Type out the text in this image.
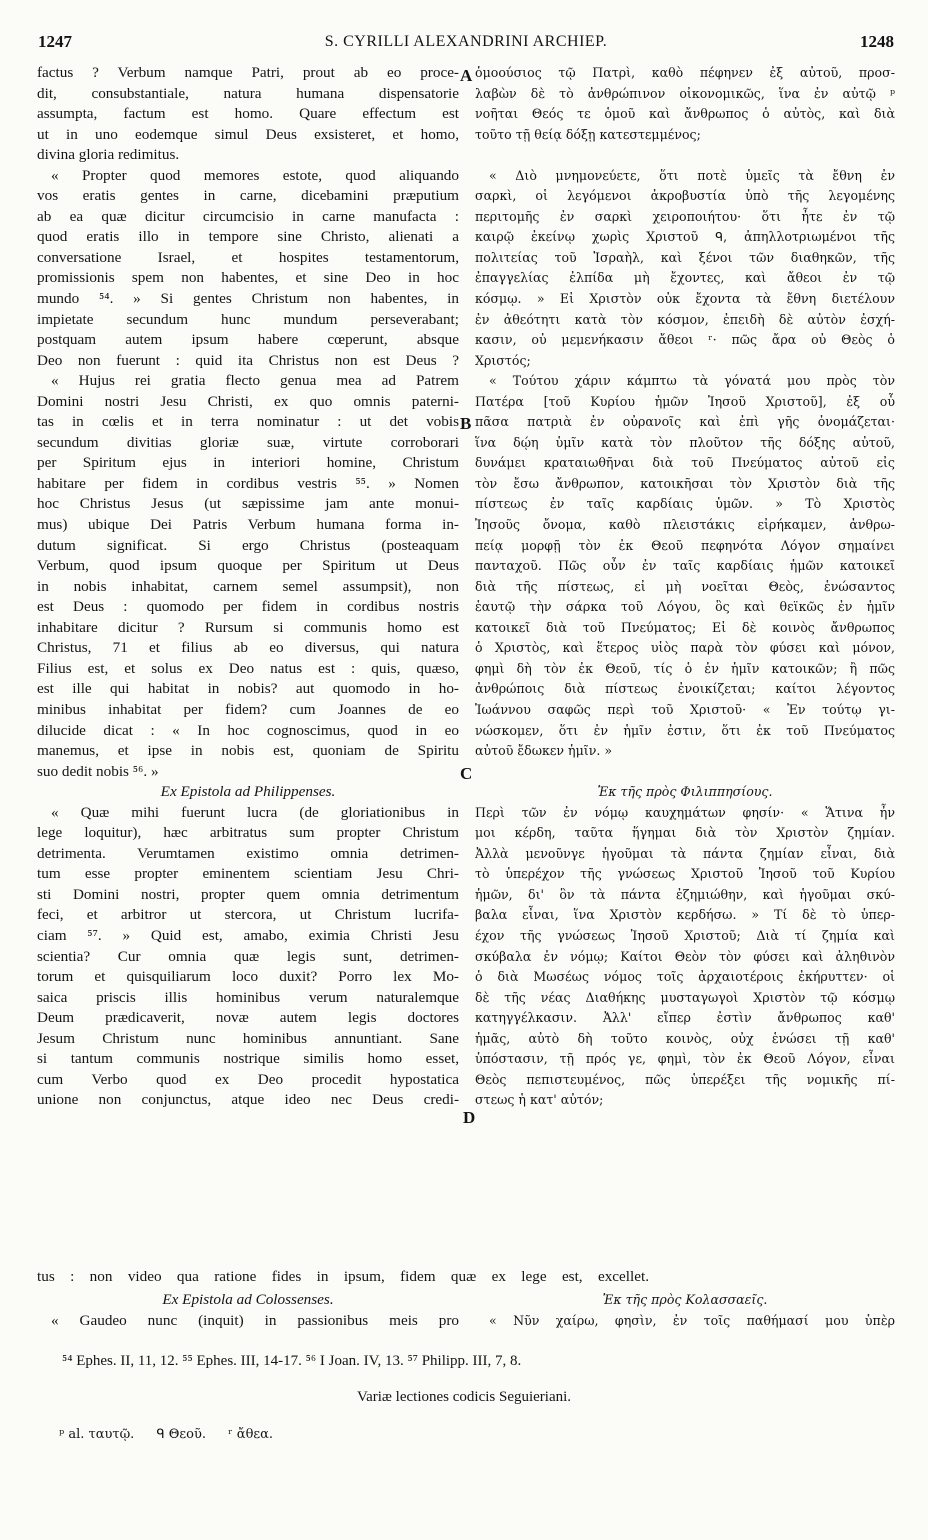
1247	S. CYRILLI ALEXANDRINI ARCHIEP.	1248
factus ? Verbum namque Patri, prout ab eo proce-
dit, consubstantiale, natura humana dispensatorie
assumpta, factum est homo. Quare effectum est
ut in uno eodemque simul Deus exsisteret, et homo,
divina gloria redimitus.
« Propter quod memores estote, quod aliquando
vos eratis gentes in carne, dicebamini præputium
ab ea quæ dicitur circumcisio in carne manufacta :
quod eratis illo in tempore sine Christo, alienati a
conversatione Israel, et hospites testamentorum,
promissionis spem non habentes, et sine Deo in hoc
mundo ⁵⁴. » Si gentes Christum non habentes, in
impietate secundum hunc mundum perseverabant;
postquam autem ipsum habere cœperunt, absque
Deo non fuerunt : quid ita Christus non est Deus ?
« Hujus rei gratia flecto genua mea ad Patrem
Domini nostri Jesu Christi, ex quo omnis paterni-
tas in cœlis et in terra nominatur : ut det vobis
secundum divitias gloriæ suæ, virtute corroborari
per Spiritum ejus in interiori homine, Christum
habitare per fidem in cordibus vestris ⁵⁵. » Nomen
hoc Christus Jesus (ut sæpissime jam ante monui-
mus) ubique Dei Patris Verbum humana forma in-
dutum significat. Si ergo Christus (posteaquam
Verbum, quod ipsum quoque per Spiritum ut Deus
in nobis inhabitat, carnem semel assumpsit), non
est Deus : quomodo per fidem in cordibus nostris
inhabitare dicitur ? Rursum si communis homo est
Christus, 71 et filius ab eo diversus, qui natura
Filius est, et solus ex Deo natus est : quis, quæso,
est ille qui habitat in nobis? aut quomodo in ho-
minibus inhabitat per fidem? cum Joannes de eo
dilucide dicat : « In hoc cognoscimus, quod in eo
manemus, et ipse in nobis est, quoniam de Spiritu
suo dedit nobis ⁵⁶. »
Ex Epistola ad Philippenses.
« Quæ mihi fuerunt lucra (de gloriationibus in
lege loquitur), hæc arbitratus sum propter Christum
detrimenta. Verumtamen existimo omnia detrimen-
tum esse propter eminentem scientiam Jesu Chri-
sti Domini nostri, propter quem omnia detrimentum
feci, et arbitror ut stercora, ut Christum lucrifa-
ciam ⁵⁷. » Quid est, amabo, eximia Christi Jesu
scientia? Cur omnia quæ legis sunt, detrimen-
torum et quisquiliarum loco duxit? Porro lex Mo-
saica priscis illis hominibus verum naturalemque
Deum prædicaverit, novæ autem legis doctores
Jesum Christum nunc hominibus annuntiant. Sane
si tantum communis nostrique similis homo esset,
cum Verbo quod ex Deo procedit hypostatica
unione non conjunctus, atque ideo nec Deus credi-
ὁμοούσιος τῷ Πατρὶ, καθὸ πέφηνεν ἐξ αὐτοῦ, προσ-
λαβὼν δὲ τὸ ἀνθρώπινον οἰκονομικῶς, ἵνα ἐν αὐτῷ ᵖ
νοῆται Θεός τε ὁμοῦ καὶ ἄνθρωπος ὁ αὐτὸς, καὶ διὰ
τοῦτο τῇ θείᾳ δόξῃ κατεστεμμένος;
« Διὸ μνημονεύετε, ὅτι ποτὲ ὑμεῖς τὰ ἔθνη ἐν
σαρκὶ, οἱ λεγόμενοι ἀκροβυστία ὑπὸ τῆς λεγομένης
περιτομῆς ἐν σαρκὶ χειροποιήτου· ὅτι ἦτε ἐν τῷ
καιρῷ ἐκείνῳ χωρὶς Χριστοῦ ᑫ, ἀπηλλοτριωμένοι τῆς
πολιτείας τοῦ Ἰσραὴλ, καὶ ξένοι τῶν διαθηκῶν, τῆς
ἐπαγγελίας ἐλπίδα μὴ ἔχοντες, καὶ ἄθεοι ἐν τῷ
κόσμῳ. » Εἰ Χριστὸν οὐκ ἔχοντα τὰ ἔθνη διετέλουν
ἐν ἀθεότητι κατὰ τὸν κόσμον, ἐπειδὴ δὲ αὐτὸν ἐσχή-
κασιν, οὐ μεμενήκασιν ἄθεοι ʳ· πῶς ἄρα οὐ Θεὸς ὁ
Χριστός;
« Τούτου χάριν κάμπτω τὰ γόνατά μου πρὸς τὸν
Πατέρα [τοῦ Κυρίου ἡμῶν Ἰησοῦ Χριστοῦ], ἐξ οὗ
πᾶσα πατριὰ ἐν οὐρανοῖς καὶ ἐπὶ γῆς ὀνομάζεται·
ἵνα δῴη ὑμῖν κατὰ τὸν πλοῦτον τῆς δόξης αὐτοῦ,
δυνάμει κραταιωθῆναι διὰ τοῦ Πνεύματος αὐτοῦ εἰς
τὸν ἔσω ἄνθρωπον, κατοικῆσαι τὸν Χριστὸν διὰ τῆς
πίστεως ἐν ταῖς καρδίαις ὑμῶν. » Τὸ Χριστὸς
Ἰησοῦς ὄνομα, καθὸ πλειστάκις εἰρήκαμεν, ἀνθρω-
πείᾳ μορφῇ τὸν ἐκ Θεοῦ πεφηνότα Λόγον σημαίνει
πανταχοῦ. Πῶς οὖν ἐν ταῖς καρδίαις ἡμῶν κατοικεῖ
διὰ τῆς πίστεως, εἰ μὴ νοεῖται Θεὸς, ἑνώσαντος
ἑαυτῷ τὴν σάρκα τοῦ Λόγου, ὃς καὶ θεϊκῶς ἐν ἡμῖν
κατοικεῖ διὰ τοῦ Πνεύματος; Εἰ δὲ κοινὸς ἄνθρωπος
ὁ Χριστὸς, καὶ ἕτερος υἱὸς παρὰ τὸν φύσει καὶ μόνον,
φημὶ δὴ τὸν ἐκ Θεοῦ, τίς ὁ ἐν ἡμῖν κατοικῶν; ἢ πῶς
ἀνθρώποις διὰ πίστεως ἐνοικίζεται; καίτοι λέγοντος
Ἰωάννου σαφῶς περὶ τοῦ Χριστοῦ· « Ἐν τούτῳ γι-
νώσκομεν, ὅτι ἐν ἡμῖν ἐστιν, ὅτι ἐκ τοῦ Πνεύματος
αὐτοῦ ἔδωκεν ἡμῖν. »
Ἐκ τῆς πρὸς Φιλιππησίους.
Περὶ τῶν ἐν νόμῳ καυχημάτων φησίν· « Ἅτινα ἦν
μοι κέρδη, ταῦτα ἥγημαι διὰ τὸν Χριστὸν ζημίαν.
Ἀλλὰ μενοῦνγε ἡγοῦμαι τὰ πάντα ζημίαν εἶναι, διὰ
τὸ ὑπερέχον τῆς γνώσεως Χριστοῦ Ἰησοῦ τοῦ Κυρίου
ἡμῶν, δι' ὃν τὰ πάντα ἐζημιώθην, καὶ ἡγοῦμαι σκύ-
βαλα εἶναι, ἵνα Χριστὸν κερδήσω. » Τί δὲ τὸ ὑπερ-
έχον τῆς γνώσεως Ἰησοῦ Χριστοῦ; Διὰ τί ζημία καὶ
σκύβαλα ἐν νόμῳ; Καίτοι Θεὸν τὸν φύσει καὶ ἀληθινὸν
ὁ διὰ Μωσέως νόμος τοῖς ἀρχαιοτέροις ἐκήρυττεν· οἱ
δὲ τῆς νέας Διαθήκης μυσταγωγοὶ Χριστὸν τῷ κόσμῳ
κατηγγέλκασιν. Ἀλλ' εἴπερ ἐστὶν ἄνθρωπος καθ'
ἡμᾶς, αὐτὸ δὴ τοῦτο κοινὸς, οὐχ ἑνώσει τῇ καθ'
ὑπόστασιν, τῇ πρός γε, φημὶ, τὸν ἐκ Θεοῦ Λόγον, εἶναι
Θεὸς πεπιστευμένος, πῶς ὑπερέξει τῆς νομικῆς πί-
στεως ἡ κατ' αὐτόν;
tus : non video qua ratione fides in ipsum, fidem quæ ex lege est, excellet.
Ex Epistola ad Colossenses.
« Gaudeo nunc (inquit) in passionibus meis pro
Ἐκ τῆς πρὸς Κολασσαεῖς.
« Νῦν χαίρω, φησὶν, ἐν τοῖς παθήμασί μου ὑπὲρ
A
B
C
D
⁵⁴ Ephes. II, 11, 12. ⁵⁵ Ephes. III, 14-17. ⁵⁶ I Joan. IV, 13. ⁵⁷ Philipp. III, 7, 8.
Variæ lectiones codicis Seguieriani.
ᵖ al. ταυτῷ. ᑫ Θεοῦ. ʳ ἄθεα.
